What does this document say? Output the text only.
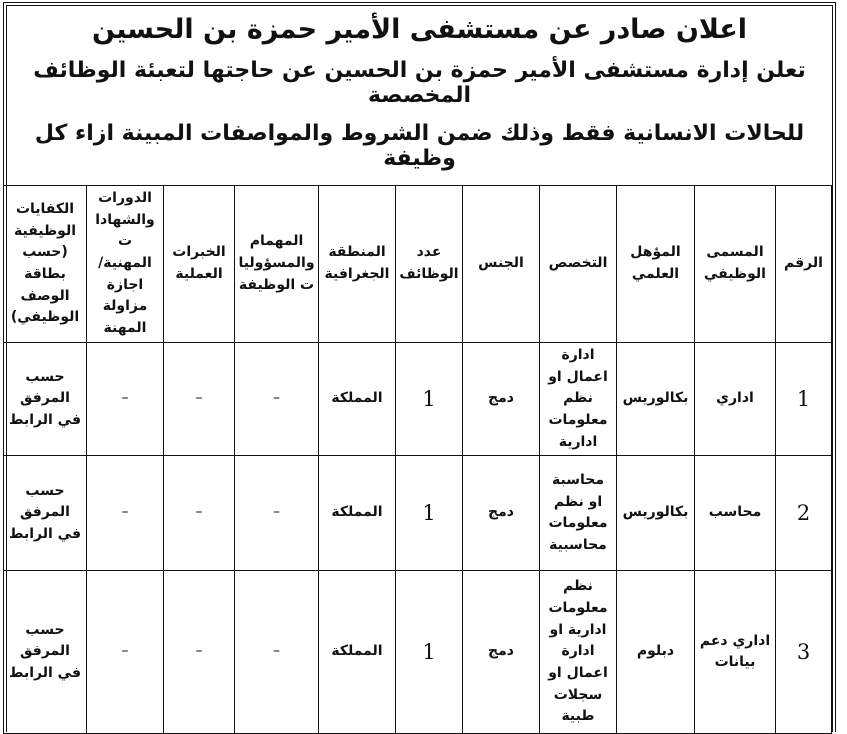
اعلان صادر عن مستشفى الأمير حمزة بن الحسين
تعلن إدارة مستشفى الأمير حمزة بن الحسين عن حاجتها لتعبئة الوظائف المخصصة
للحالات الانسانية فقط وذلك ضمن الشروط والمواصفات المبينة ازاء كل وظيفة
الرقم	المسمى الوظيفي	المؤهل العلمي	التخصص	الجنس	عدد الوظائف	المنطقة الجغرافية	المهمام والمسؤوليات الوظيفة	الخبرات العملية	الدورات والشهادات المهنية/ اجازة مزاولة المهنة	الكفايات الوظيفية (حسب بطاقة الوصف الوظيفي)
1	اداري	بكالوريس	ادارة اعمال او نظم معلومات ادارية	دمج	1	المملكة	–	–	–	حسب المرفق في الرابط
2	محاسب	بكالوريس	محاسبة او نظم معلومات محاسبية	دمج	1	المملكة	–	–	–	حسب المرفق في الرابط
3	اداري دعم بيانات	دبلوم	نظم معلومات ادارية او ادارة اعمال او سجلات طبية	دمج	1	المملكة	–	–	–	حسب المرفق في الرابط
